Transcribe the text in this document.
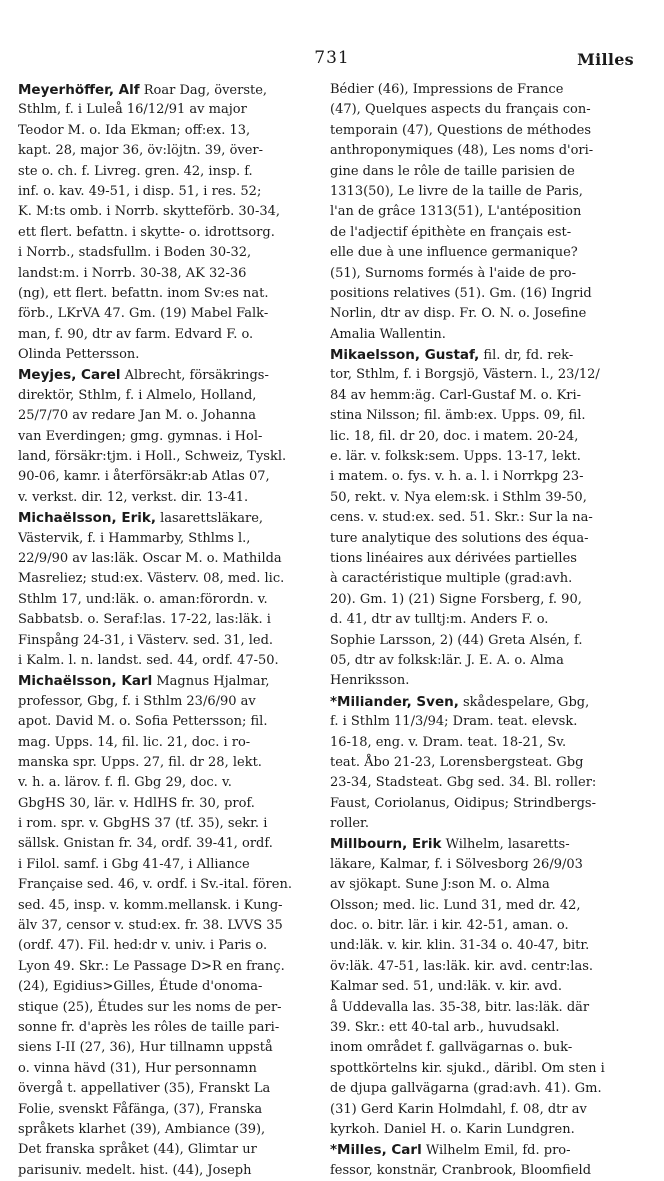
731	Milles
Meyerhöffer, Alf Roar Dag, överste,
Sthlm, f. i Luleå 16/12/91 av major
Teodor M. o. Ida Ekman; off:ex. 13,
kapt. 28, major 36, öv:löjtn. 39, över-
ste o. ch. f. Livreg. gren. 42, insp. f.
inf. o. kav. 49-51, i disp. 51, i res. 52;
K. M:ts omb. i Norrb. skytteförb. 30-34,
ett flert. befattn. i skytte- o. idrottsorg.
i Norrb., stadsfullm. i Boden 30-32,
landst:m. i Norrb. 30-38, AK 32-36
(ng), ett flert. befattn. inom Sv:es nat.
förb., LKrVA 47. Gm. (19) Mabel Falk-
man, f. 90, dtr av farm. Edvard F. o.
Olinda Pettersson.
Meyjes, Carel Albrecht, försäkrings-
direktör, Sthlm, f. i Almelo, Holland,
25/7/70 av redare Jan M. o. Johanna
van Everdingen; gmg. gymnas. i Hol-
land, försäkr:tjm. i Holl., Schweiz, Tyskl.
90-06, kamr. i återförsäkr:ab Atlas 07,
v. verkst. dir. 12, verkst. dir. 13-41.
Michaëlsson, Erik, lasarettsläkare,
Västervik, f. i Hammarby, Sthlms l.,
22/9/90 av las:läk. Oscar M. o. Mathilda
Masreliez; stud:ex. Västerv. 08, med. lic.
Sthlm 17, und:läk. o. aman:förordn. v.
Sabbatsb. o. Seraf:las. 17-22, las:läk. i
Finspång 24-31, i Västerv. sed. 31, led.
i Kalm. l. n. landst. sed. 44, ordf. 47-50.
Michaëlsson, Karl Magnus Hjalmar,
professor, Gbg, f. i Sthlm 23/6/90 av
apot. David M. o. Sofia Pettersson; fil.
mag. Upps. 14, fil. lic. 21, doc. i ro-
manska spr. Upps. 27, fil. dr 28, lekt.
v. h. a. lärov. f. fl. Gbg 29, doc. v.
GbgHS 30, lär. v. HdlHS fr. 30, prof.
i rom. spr. v. GbgHS 37 (tf. 35), sekr. i
sällsk. Gnistan fr. 34, ordf. 39-41, ordf.
i Filol. samf. i Gbg 41-47, i Alliance
Française sed. 46, v. ordf. i Sv.-ital. fören.
sed. 45, insp. v. komm.mellansk. i Kung-
älv 37, censor v. stud:ex. fr. 38. LVVS 35
(ordf. 47). Fil. hed:dr v. univ. i Paris o.
Lyon 49. Skr.: Le Passage D>R en franç.
(24), Egidius>Gilles, Étude d'onoma-
stique (25), Études sur les noms de per-
sonne fr. d'après les rôles de taille pari-
siens I-II (27, 36), Hur tillnamn uppstå
o. vinna hävd (31), Hur personnamn
övergå t. appellativer (35), Franskt La
Folie, svenskt Fåfänga, (37), Franska
språkets klarhet (39), Ambiance (39),
Det franska språket (44), Glimtar ur
parisuniv. medelt. hist. (44), Joseph
Bédier (46), Impressions de France
(47), Quelques aspects du français con-
temporain (47), Questions de méthodes
anthroponymiques (48), Les noms d'ori-
gine dans le rôle de taille parisien de
1313(50), Le livre de la taille de Paris,
l'an de grâce 1313(51), L'antéposition
de l'adjectif épithète en français est-
elle due à une influence germanique?
(51), Surnoms formés à l'aide de pro-
positions relatives (51). Gm. (16) Ingrid
Norlin, dtr av disp. Fr. O. N. o. Josefine
Amalia Wallentin.
Mikaelsson, Gustaf, fil. dr, fd. rek-
tor, Sthlm, f. i Borgsjö, Västern. l., 23/12/
84 av hemm:äg. Carl-Gustaf M. o. Kri-
stina Nilsson; fil. ämb:ex. Upps. 09, fil.
lic. 18, fil. dr 20, doc. i matem. 20-24,
e. lär. v. folksk:sem. Upps. 13-17, lekt.
i matem. o. fys. v. h. a. l. i Norrkpg 23-
50, rekt. v. Nya elem:sk. i Sthlm 39-50,
cens. v. stud:ex. sed. 51. Skr.: Sur la na-
ture analytique des solutions des équa-
tions linéaires aux dérivées partielles
à caractéristique multiple (grad:avh.
20). Gm. 1) (21) Signe Forsberg, f. 90,
d. 41, dtr av tulltj:m. Anders F. o.
Sophie Larsson, 2) (44) Greta Alsén, f.
05, dtr av folksk:lär. J. E. A. o. Alma
Henriksson.
*Miliander, Sven, skådespelare, Gbg,
f. i Sthlm 11/3/94; Dram. teat. elevsk.
16-18, eng. v. Dram. teat. 18-21, Sv.
teat. Åbo 21-23, Lorensbergsteat. Gbg
23-34, Stadsteat. Gbg sed. 34. Bl. roller:
Faust, Coriolanus, Oidipus; Strindbergs-
roller.
Millbourn, Erik Wilhelm, lasaretts-
läkare, Kalmar, f. i Sölvesborg 26/9/03
av sjökapt. Sune J:son M. o. Alma
Olsson; med. lic. Lund 31, med dr. 42,
doc. o. bitr. lär. i kir. 42-51, aman. o.
und:läk. v. kir. klin. 31-34 o. 40-47, bitr.
öv:läk. 47-51, las:läk. kir. avd. centr:las.
Kalmar sed. 51, und:läk. v. kir. avd.
å Uddevalla las. 35-38, bitr. las:läk. där
39. Skr.: ett 40-tal arb., huvudsakl.
inom området f. gallvägarnas o. buk-
spottkörtelns kir. sjukd., däribl. Om sten i
de djupa gallvägarna (grad:avh. 41). Gm.
(31) Gerd Karin Holmdahl, f. 08, dtr av
kyrkoh. Daniel H. o. Karin Lundgren.
*Milles, Carl Wilhelm Emil, fd. pro-
fessor, konstnär, Cranbrook, Bloomfield
